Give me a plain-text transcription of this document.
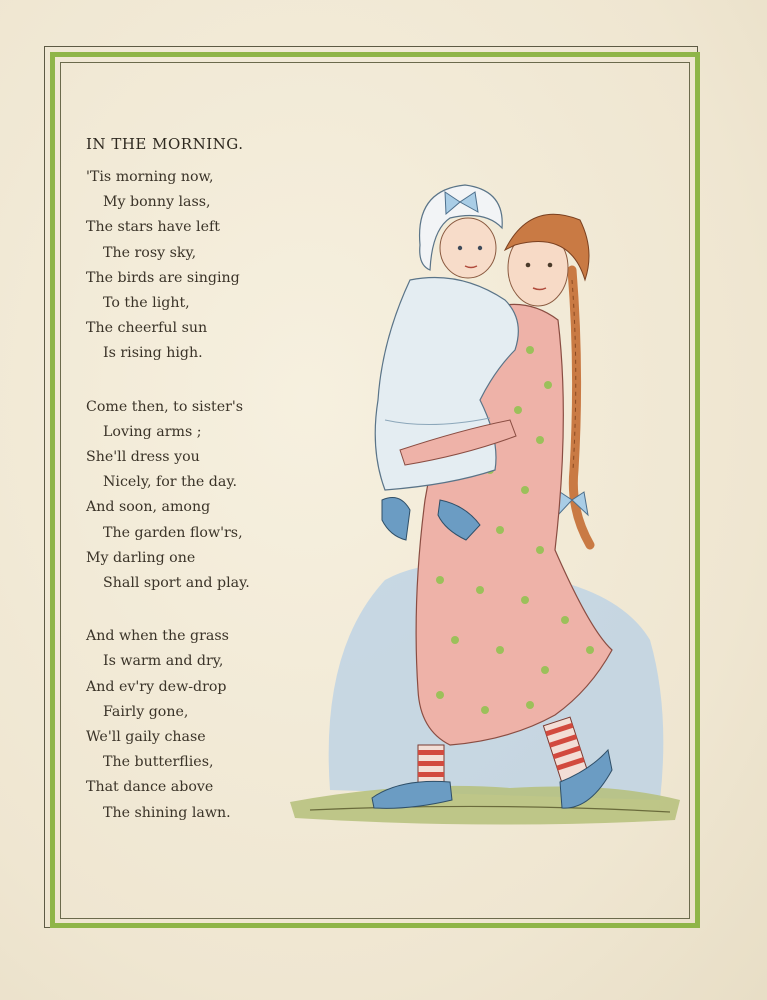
IN THE MORNING.
'Tis morning now,
My bonny lass,
The stars have left
The rosy sky,
The birds are singing
To the light,
The cheerful sun
Is rising high.
Come then, to sister's
Loving arms ;
She'll dress you
Nicely, for the day.
And soon, among
The garden flow'rs,
My darling one
Shall sport and play.
And when the grass
Is warm and dry,
And ev'ry dew-drop
Fairly gone,
We'll gaily chase
The butterflies,
That dance above
The shining lawn.
